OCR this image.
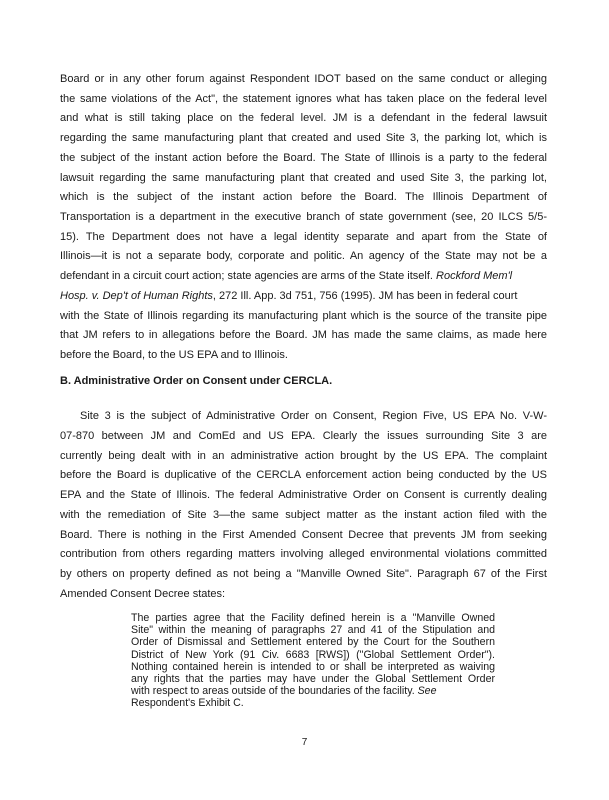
Board or in any other forum against Respondent IDOT based on the same conduct or alleging
the same violations of the Act", the statement ignores what has taken place on the federal level
and what is still taking place on the federal level. JM is a defendant in the federal lawsuit
regarding the same manufacturing plant that created and used Site 3, the parking lot, which is
the subject of the instant action before the Board. The State of Illinois is a party to the federal
lawsuit regarding the same manufacturing plant that created and used Site 3, the parking lot,
which is the subject of the instant action before the Board. The Illinois Department of
Transportation is a department in the executive branch of state government (see, 20 ILCS 5/5-
15). The Department does not have a legal identity separate and apart from the State of
Illinois—it is not a separate body, corporate and politic. An agency of the State may not be a
defendant in a circuit court action; state agencies are arms of the State itself. Rockford Mem'l
Hosp. v. Dep't of Human Rights, 272 Ill. App. 3d 751, 756 (1995). JM has been in federal court
with the State of Illinois regarding its manufacturing plant which is the source of the transite pipe
B. Administrative Order on Consent under CERCLA.
Site 3 is the subject of Administrative Order on Consent, Region Five, US EPA No. V-W-
07-870 between JM and ComEd and US EPA. Clearly the issues surrounding Site 3 are
currently being dealt with in an administrative action brought by the US EPA. The complaint
before the Board is duplicative of the CERCLA enforcement action being conducted by the US
EPA and the State of Illinois. The federal Administrative Order on Consent is currently dealing
with the remediation of Site 3—the same subject matter as the instant action filed with the
Board. There is nothing in the First Amended Consent Decree that prevents JM from seeking
contribution from others regarding matters involving alleged environmental violations committed
by others on property defined as not being a "Manville Owned Site". Paragraph 67 of the First
Amended Consent Decree states:
The parties agree that the Facility defined herein is a "Manville Owned
Site" within the meaning of paragraphs 27 and 41 of the Stipulation and
Order of Dismissal and Settlement entered by the Court for the Southern
District of New York (91 Civ. 6683 [RWS]) ("Global Settlement Order").
Nothing contained herein is intended to or shall be interpreted as waiving
any rights that the parties may have under the Global Settlement Order
with respect to areas outside of the boundaries of the facility. See
Respondent's Exhibit C.
7
that JM refers to in allegations before the Board. JM has made the same claims, as made here
before the Board, to the US EPA and to Illinois.
